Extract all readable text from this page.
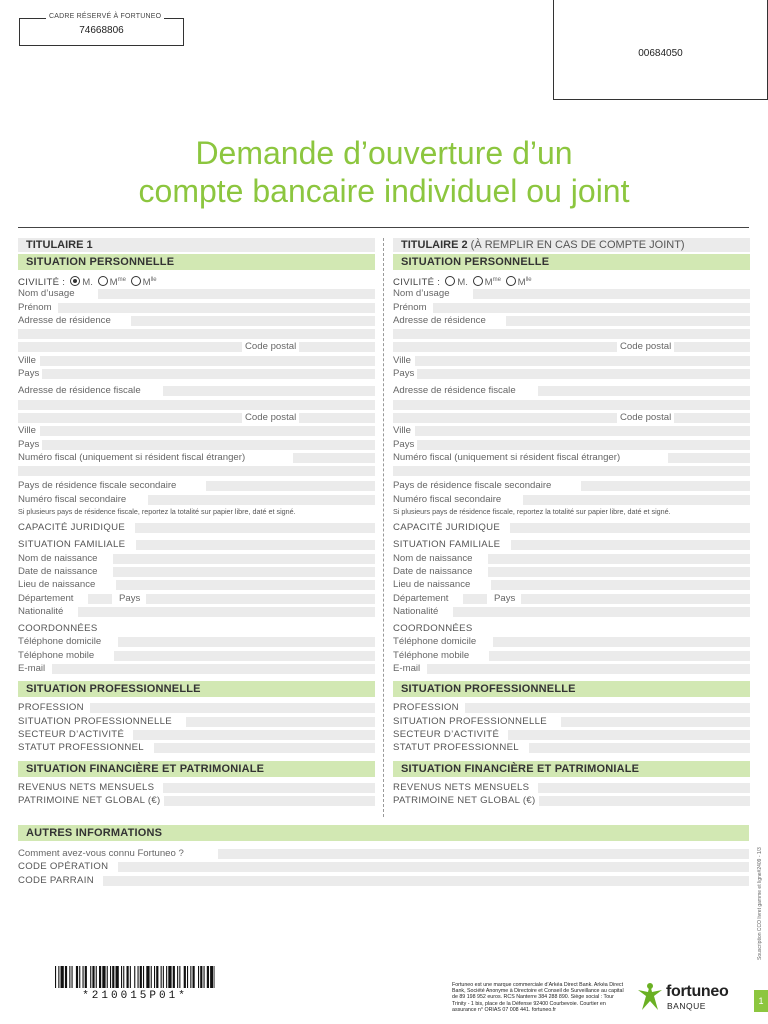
CADRE RÉSERVÉ À FORTUNEO
74668806
00684050
Demande d’ouverture d’un
compte bancaire individuel ou joint
TITULAIRE 1
SITUATION PERSONNELLE
CIVILITÉ : M. $M^{me}$ $M^{lle}$
Nom d’usage
Prénom
Adresse de résidence
Code postal
Ville
Pays
Adresse de résidence fiscale
Code postal
Ville
Pays
Numéro fiscal (uniquement si résident fiscal étranger)
Pays de résidence fiscale secondaire
Numéro fiscal secondaire
Si plusieurs pays de résidence fiscale, reportez la totalité sur papier libre, daté et signé.
CAPACITÉ JURIDIQUE
SITUATION FAMILIALE
Nom de naissance
Date de naissance
Lieu de naissance
Département	Pays
Nationalité
COORDONNÉES
Téléphone domicile
Téléphone mobile
E-mail
SITUATION PROFESSIONNELLE
PROFESSION
SITUATION PROFESSIONNELLE
SECTEUR D’ACTIVITÉ
STATUT PROFESSIONNEL
SITUATION FINANCIÈRE ET PATRIMONIALE
REVENUS NETS MENSUELS
PATRIMOINE NET GLOBAL (€)
TITULAIRE 2 (À REMPLIR EN CAS DE COMPTE JOINT)
SITUATION PERSONNELLE
CIVILITÉ : M. $M^{me}$ $M^{lle}$
Nom d’usage
Prénom
Adresse de résidence
Code postal
Ville
Pays
Adresse de résidence fiscale
Code postal
Ville
Pays
Numéro fiscal (uniquement si résident fiscal étranger)
Pays de résidence fiscale secondaire
Numéro fiscal secondaire
Si plusieurs pays de résidence fiscale, reportez la totalité sur papier libre, daté et signé.
CAPACITÉ JURIDIQUE
SITUATION FAMILIALE
Nom de naissance
Date de naissance
Lieu de naissance
Département	Pays
Nationalité
COORDONNÉES
Téléphone domicile
Téléphone mobile
E-mail
SITUATION PROFESSIONNELLE
PROFESSION
SITUATION PROFESSIONNELLE
SECTEUR D’ACTIVITÉ
STATUT PROFESSIONNEL
SITUATION FINANCIÈRE ET PATRIMONIALE
REVENUS NETS MENSUELS
PATRIMOINE NET GLOBAL (€)
AUTRES INFORMATIONS
Comment avez-vous connu Fortuneo ?
CODE OPÉRATION
CODE PARRAIN
*210015P01*
Fortuneo est une marque commerciale d’Arkéa Direct Bank. Arkéa Direct Bank, Société Anonyme à Directoire et Conseil de Surveillance au capital de 89 198 952 euros. RCS Nanterre 384 288 890. Siège social : Tour Trinity - 1 bis, place de la Défense 92400 Courbevoie. Courtier en assurance n° ORIAS 07 008 441. fortuneo.fr
fortuneo
BANQUE
Souscription CCO livret gamme et ligne#2409 - 1/3
1
